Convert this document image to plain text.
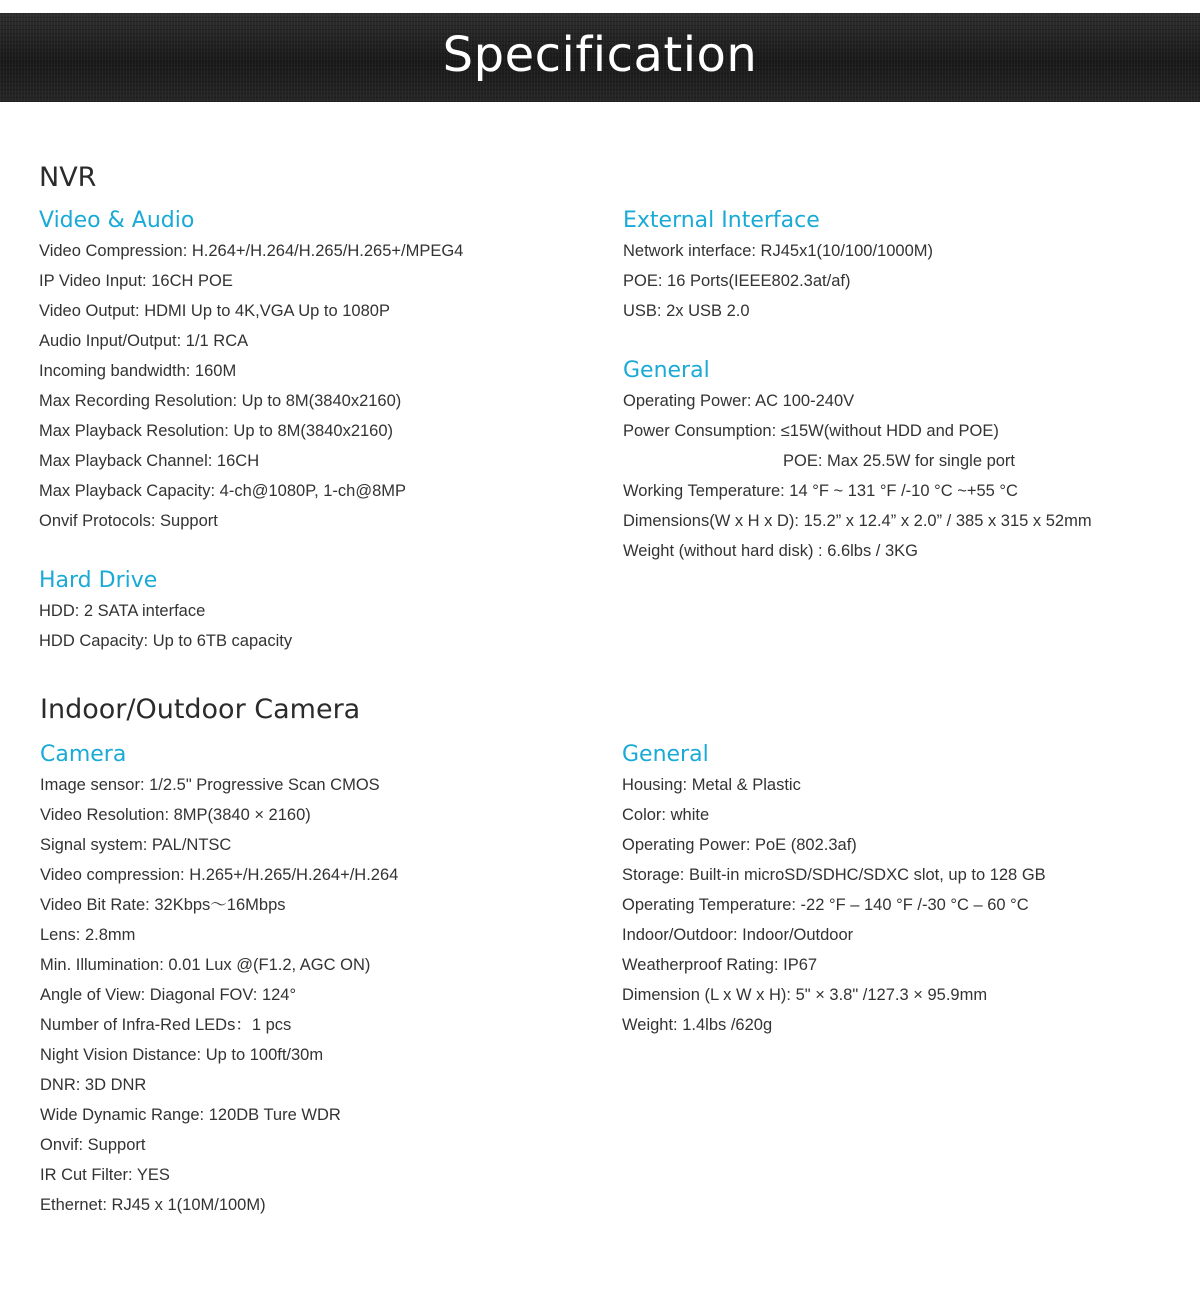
Specification
NVR
Video & Audio
Video Compression: H.264+/H.264/H.265/H.265+/MPEG4
IP Video Input: 16CH POE
Video Output: HDMI Up to 4K,VGA Up to 1080P
Audio Input/Output: 1/1 RCA
Incoming bandwidth: 160M
Max Recording Resolution: Up to 8M(3840x2160)
Max Playback Resolution: Up to 8M(3840x2160)
Max Playback Channel: 16CH
Max Playback Capacity: 4-ch@1080P, 1-ch@8MP
Onvif Protocols: Support
Hard Drive
HDD: 2 SATA interface
HDD Capacity: Up to 6TB capacity
External Interface
Network interface: RJ45x1(10/100/1000M)
POE: 16 Ports(IEEE802.3at/af)
USB: 2x USB 2.0
General
Operating Power: AC 100-240V
Power Consumption: ≤15W(without HDD and POE)
POE: Max 25.5W for single port
Working Temperature: 14 °F ~ 131 °F /-10 °C ~+55 °C
Dimensions(W x H x D): 15.2” x 12.4” x 2.0” / 385 x 315 x 52mm
Weight (without hard disk) : 6.6lbs / 3KG
Indoor/Outdoor Camera
Camera
Image sensor: 1/2.5" Progressive Scan CMOS
Video Resolution: 8MP(3840 × 2160)
Signal system: PAL/NTSC
Video compression: H.265+/H.265/H.264+/H.264
Video Bit Rate: 32Kbps～16Mbps
Lens: 2.8mm
Min. Illumination: 0.01 Lux @(F1.2, AGC ON)
Angle of View: Diagonal FOV: 124°
Number of Infra-Red LEDs：1 pcs
Night Vision Distance: Up to 100ft/30m
DNR: 3D DNR
Wide Dynamic Range: 120DB Ture WDR
Onvif: Support
IR Cut Filter: YES
Ethernet: RJ45 x 1(10M/100M)
General
Housing: Metal & Plastic
Color: white
Operating Power: PoE (802.3af)
Storage: Built-in microSD/SDHC/SDXC slot, up to 128 GB
Operating Temperature: -22 °F – 140 °F /-30 °C – 60 °C
Indoor/Outdoor: Indoor/Outdoor
Weatherproof Rating: IP67
Dimension (L x W x H): 5" × 3.8" /127.3 × 95.9mm
Weight: 1.4lbs /620g
